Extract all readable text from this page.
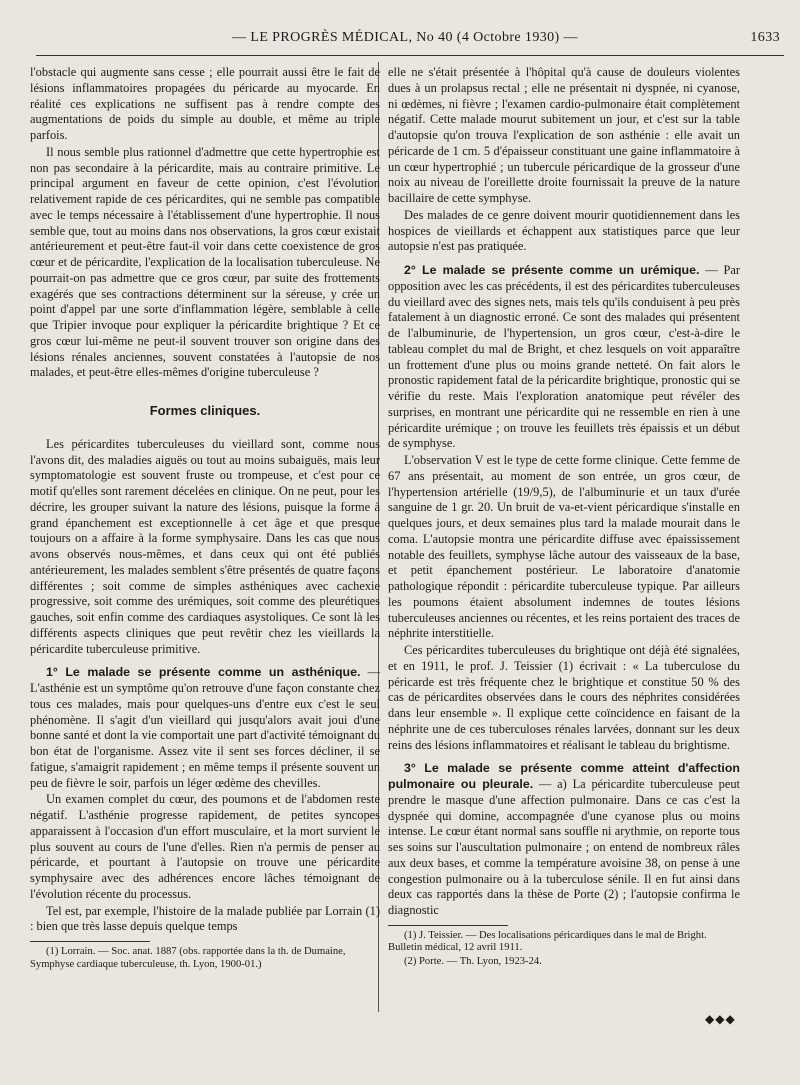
— LE PROGRÈS MÉDICAL, No 40 (4 Octobre 1930) —	1633

l'obstacle qui augmente sans cesse ; elle pourrait aussi être le fait de lésions inflammatoires propagées du péricarde au myocarde. En réalité ces explications ne suffisent pas à rendre compte des augmentations de poids du simple au double, et même au triple parfois.

Il nous semble plus rationnel d'admettre que cette hypertrophie est non pas secondaire à la péricardite, mais au contraire primitive. Le principal argument en faveur de cette opinion, c'est l'évolution relativement rapide de ces péricardites, qui ne semble pas compatible avec le temps nécessaire à l'établissement d'une hypertrophie. Il nous semble que, tout au moins dans nos observations, la gros cœur existait antérieurement et peut-être faut-il voir dans cette coexistence de gros cœur et de péricardite, l'explication de la localisation tuberculeuse. Ne pourrait-on pas admettre que ce gros cœur, par suite des frottements exagérés que ses contractions déterminent sur la séreuse, y crée un point d'appel par une sorte d'inflammation légère, semblable à celle que Tripier invoque pour expliquer la péricardite brightique ? Et ce gros cœur lui-même ne peut-il souvent trouver son origine dans des lésions rénales anciennes, souvent constatées à l'autopsie de nos malades, et peut-être elles-mêmes d'origine tuberculeuse ?

Formes cliniques.

Les péricardites tuberculeuses du vieillard sont, comme nous l'avons dit, des maladies aiguës ou tout au moins subaiguës, mais leur symptomatologie est souvent fruste ou trompeuse, et c'est pour ce motif qu'elles sont rarement décelées en clinique. On ne peut, pour les décrire, les grouper suivant la nature des lésions, puisque la forme à grand épanchement est exceptionnelle à cet âge et que presque toujours on a affaire à la forme symphysaire. Dans les cas que nous avons observés nous-mêmes, et dans ceux qui ont été publiés antérieurement, les malades semblent s'être présentés de quatre façons différentes ; soit comme de simples asthéniques avec cachexie progressive, soit comme des urémiques, soit comme des pleurétiques gauches, soit enfin comme des cardiaques asystoliques. Ce sont là les différents aspects cliniques que peut revêtir chez les vieillards la péricardite tuberculeuse primitive.

1° Le malade se présente comme un asthénique. — L'asthénie est un symptôme qu'on retrouve d'une façon constante chez tous ces malades, mais pour quelques-uns d'entre eux c'est le seul phénomène. Il s'agit d'un vieillard qui jusqu'alors avait joui d'une bonne santé et dont la vie comportait une part d'activité témoignant du bon état de l'organisme. Assez vite il sent ses forces décliner, il se fatigue, s'amaigrit rapidement ; en même temps il présente souvent un peu de fièvre le soir, parfois un léger œdème des chevilles.

Un examen complet du cœur, des poumons et de l'abdomen reste négatif. L'asthénie progresse rapidement, de petites syncopes apparaissent à l'occasion d'un effort musculaire, et la mort survient le plus souvent au cours de l'une d'elles. Rien n'a permis de penser au péricarde, et pourtant à l'autopsie on trouve une péricardite symphysaire avec des adhérences encore lâches témoignant de l'évolution récente du processus.

Tel est, par exemple, l'histoire de la malade publiée par Lorrain (1) : bien que très lasse depuis quelque temps

(1) Lorrain. — Soc. anat. 1887 (obs. rapportée dans la th. de Dumaine, Symphyse cardiaque tuberculeuse, th. Lyon, 1900-01.)

elle ne s'était présentée à l'hôpital qu'à cause de douleurs violentes dues à un prolapsus rectal ; elle ne présentait ni dyspnée, ni cyanose, ni œdèmes, ni fièvre ; l'examen cardio-pulmonaire était complètement négatif. Cette malade mourut subitement un jour, et c'est sur la table d'autopsie qu'on trouva l'explication de son asthénie : elle avait un péricarde de 1 cm. 5 d'épaisseur constituant une gaine inflammatoire à un cœur hypertrophié ; un tubercule péricardique de la grosseur d'une noix au niveau de l'oreillette droite fournissait la preuve de la nature bacillaire de cette symphyse.

Des malades de ce genre doivent mourir quotidiennement dans les hospices de vieillards et échappent aux statistiques parce que leur autopsie n'est pas pratiquée.

2° Le malade se présente comme un urémique. — Par opposition avec les cas précédents, il est des péricardites tuberculeuses du vieillard avec des signes nets, mais tels qu'ils conduisent à peu près fatalement à un diagnostic erroné. Ce sont des malades qui présentent de l'albuminurie, de l'hypertension, un gros cœur, c'est-à-dire le tableau complet du mal de Bright, et chez lesquels on voit apparaître un frottement d'une plus ou moins grande netteté. On fait alors le pronostic rapidement fatal de la péricardite brightique, pronostic qui se vérifie du reste. Mais l'exploration anatomique peut révéler des surprises, en montrant une péricardite qui ne ressemble en rien à une péricardite urémique ; on trouve les feuillets très épaissis et un début de symphyse.

L'observation V est le type de cette forme clinique. Cette femme de 67 ans présentait, au moment de son entrée, un gros cœur, de l'hypertension artérielle (19/9,5), de l'albuminurie et un taux d'urée sanguine de 1 gr. 20. Un bruit de va-et-vient péricardique s'installe en quelques jours, et deux semaines plus tard la malade mourait dans le coma. L'autopsie montra une péricardite diffuse avec épaississement notable des feuillets, symphyse lâche autour des vaisseaux de la base, et petit épanchement postérieur. Le laboratoire d'anatomie pathologique répondit : péricardite tuberculeuse typique. Par ailleurs les poumons étaient absolument indemnes de toutes lésions tuberculeuses anciennes ou récentes, et les reins portaient des traces de néphrite interstitielle.

Ces péricardites tuberculeuses du brightique ont déjà été signalées, et en 1911, le prof. J. Teissier (1) écrivait : « La tuberculose du péricarde est très fréquente chez le brightique et constitue 50 % des cas de péricardites observées dans le cours des néphrites considérées dans leur ensemble ». Il explique cette coïncidence en faisant de la néphrite une de ces tuberculoses rénales larvées, donnant sur les deux reins des lésions inflammatoires et réalisant le tableau du brightisme.

3° Le malade se présente comme atteint d'affection pulmonaire ou pleurale. — a) La péricardite tuberculeuse peut prendre le masque d'une affection pulmonaire. Dans ce cas c'est la dyspnée qui domine, accompagnée d'une cyanose plus ou moins intense. Le cœur étant normal sans souffle ni arythmie, on reporte tous ses soins sur l'auscultation pulmonaire ; on entend de nombreux râles aux deux bases, et comme la température avoisine 38, on pense à une congestion pulmonaire ou à la tuberculose sénile. Il en fut ainsi dans deux cas rapportés dans la thèse de Porte (2) ; l'autopsie confirma le diagnostic

(1) J. Teissier. — Des localisations péricardiques dans le mal de Bright. Bulletin médical, 12 avril 1911.

(2) Porte. — Th. Lyon, 1923-24.

◆◆◆
